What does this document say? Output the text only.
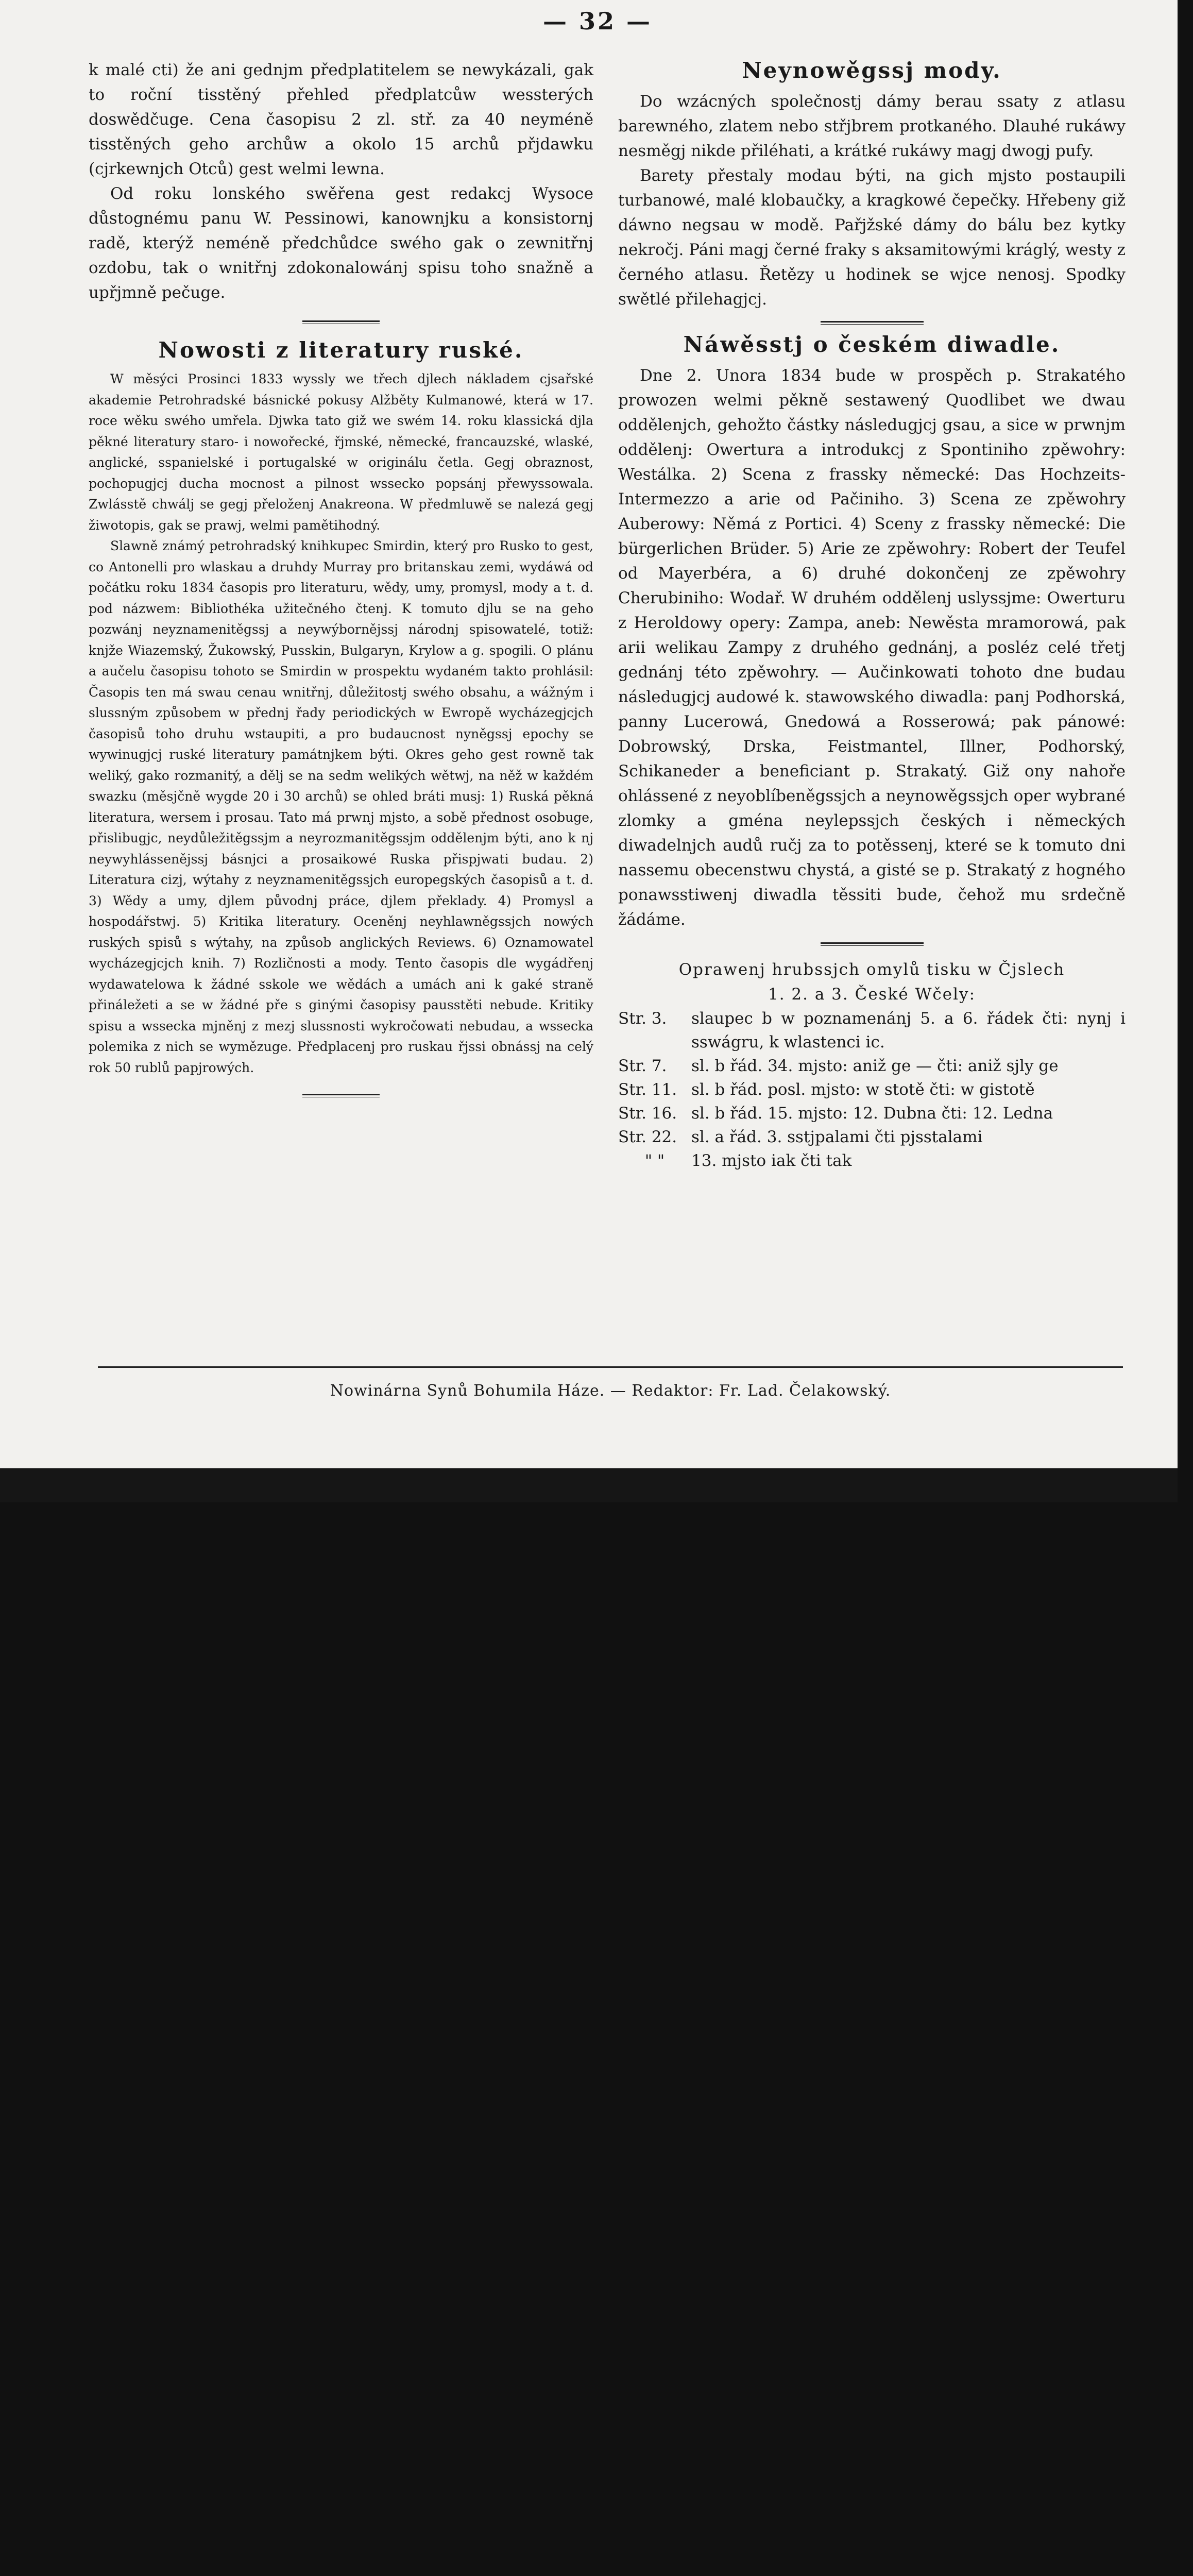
— 32 —

k malé cti) že ani gednjm předplatitelem se newykázali, gak to roční tisstěný přehled předplatcůw wessterých doswědčuge. Cena časopisu 2 zl. stř. za 40 neyméně tisstěných geho archůw a okolo 15 archů přjdawku (cjrkewnjch Otců) gest welmi lewna.

Od roku lonského swěřena gest redakcj Wysoce důstognému panu W. Pessinowi, kanownjku a konsistornj radě, kterýž neméně předchůdce swého gak o zewnitřnj ozdobu, tak o wnitřnj zdokonalowánj spisu toho snažně a upřjmně pečuge.

Nowosti z literatury ruské.

W měsýci Prosinci 1833 wyssly we třech djlech nákladem cjsařské akademie Petrohradské básnické pokusy Alžběty Kulmanowé, která w 17. roce wěku swého umřela. Djwka tato giž we swém 14. roku klassická djla pěkné literatury staro- i nowořecké, řjmské, německé, francauzské, wlaské, anglické, sspanielské i portugalské w originálu četla. Gegj obraznost, pochopugjcj ducha mocnost a pilnost wssecko popsánj přewyssowala. Zwlásstě chwálj se gegj přeloženj Anakreona. W předmluwě se nalezá gegj žiwotopis, gak se prawj, welmi pamětihodný.

Slawně známý petrohradský knihkupec Smirdin, který pro Rusko to gest, co Antonelli pro wlaskau a druhdy Murray pro britanskau zemi, wydáwá od počátku roku 1834 časopis pro literaturu, wědy, umy, promysl, mody a t. d. pod názwem: Bibliothéka užitečného čtenj. K tomuto djlu se na geho pozwánj neyznamenitěgssj a neywýbornějssj národnj spisowatelé, totiž: knjže Wiazemský, Žukowský, Pusskin, Bulgaryn, Krylow a g. spogili. O plánu a aučelu časopisu tohoto se Smirdin w prospektu wydaném takto prohlásil: Časopis ten má swau cenau wnitřnj, důležitostj swého obsahu, a wážným i slussným způsobem w přednj řady periodických w Ewropě wycházegjcjch časopisů toho druhu wstaupiti, a pro budaucnost nyněgssj epochy se wywinugjcj ruské literatury památnjkem býti. Okres geho gest rowně tak weliký, gako rozmanitý, a dělj se na sedm welikých wětwj, na něž w každém swazku (měsjčně wygde 20 i 30 archů) se ohled bráti musj: 1) Ruská pěkná literatura, wersem i prosau. Tato má prwnj mjsto, a sobě přednost osobuge, přislibugjc, neydůležitěgssjm a neyrozmanitěgssjm oddělenjm býti, ano k nj neywyhlássenějssj básnjci a prosaikowé Ruska přispjwati budau. 2) Literatura cizj, wýtahy z neyznamenitěgssjch europegských časopisů a t. d. 3) Wědy a umy, djlem původnj práce, djlem překlady. 4) Promysl a hospodářstwj. 5) Kritika literatury. Oceněnj neyhlawněgssjch nowých ruských spisů s wýtahy, na způsob anglických Reviews. 6) Oznamowatel wycházegjcjch knih. 7) Rozličnosti a mody. Tento časopis dle wygádřenj wydawatelowa k žádné sskole we wědách a umách ani k gaké straně přináležeti a se w žádné pře s ginými časopisy pausstěti nebude. Kritiky spisu a wssecka mjněnj z mezj slussnosti wykročowati nebudau, a wssecka polemika z nich se wymězuge. Předplacenj pro ruskau řjssi obnássj na celý rok 50 rublů papjrowých.

Neynowěgssj mody.

Do wzácných společnostj dámy berau ssaty z atlasu barewného, zlatem nebo střjbrem protkaného. Dlauhé rukáwy nesměgj nikde přiléhati, a krátké rukáwy magj dwogj pufy.

Barety přestaly modau býti, na gich mjsto postaupili turbanowé, malé klobaučky, a kragkowé čepečky. Hřebeny giž dáwno negsau w modě. Pařjžské dámy do bálu bez kytky nekročj. Páni magj černé fraky s aksamitowými kráglý, westy z černého atlasu. Řetězy u hodinek se wjce nenosj. Spodky swětlé přilehagjcj.

Náwěsstj o českém diwadle.

Dne 2. Unora 1834 bude w prospěch p. Strakatého prowozen welmi pěkně sestawený Quodlibet we dwau oddělenjch, gehožto částky následugjcj gsau, a sice w prwnjm oddělenj: Owertura a introdukcj z Spontiniho zpěwohry: Westálka. 2) Scena z frassky německé: Das Hochzeits-Intermezzo a arie od Pačiniho. 3) Scena ze zpěwohry Auberowy: Němá z Portici. 4) Sceny z frassky německé: Die bürgerlichen Brüder. 5) Arie ze zpěwohry: Robert der Teufel od Mayerbéra, a 6) druhé dokončenj ze zpěwohry Cherubiniho: Wodař. W druhém oddělenj uslyssjme: Owerturu z Heroldowy opery: Zampa, aneb: Newěsta mramorowá, pak arii welikau Zampy z druhého gednánj, a posléz celé třetj gednánj této zpěwohry. — Aučinkowati tohoto dne budau následugjcj audowé k. stawowského diwadla: panj Podhorská, panny Lucerowá, Gnedowá a Rosserowá; pak pánowé: Dobrowský, Drska, Feistmantel, Illner, Podhorský, Schikaneder a beneficiant p. Strakatý. Giž ony nahoře ohlássené z neyoblíbeněgssjch a neynowěgssjch oper wybrané zlomky a gména neylepssjch českých i německých diwadelnjch audů ručj za to potěssenj, které se k tomuto dni nassemu obecenstwu chystá, a gisté se p. Strakatý z hogného ponawsstiwenj diwadla těssiti bude, čehož mu srdečně žádáme.

Oprawenj hrubssjch omylů tisku w Čjslech
1. 2. a 3. České Wčely:
Str. 3.	slaupec b w poznamenánj 5. a 6. řádek čti: nynj i sswágru, k wlastenci ic.
Str. 7.	sl. b řád. 34. mjsto: aniž ge — čti: aniž sjly ge
Str. 11. sl. b řád. posl. mjsto: w stotě čti: w gistotě
Str. 16. sl. b řád. 15. mjsto: 12. Dubna čti: 12. Ledna
Str. 22. sl. a řád. 3. sstjpalami čti pjsstalami
" "	13. mjsto iak čti tak
Nowinárna Synů Bohumila Háze. — Redaktor: Fr. Lad. Čelakowský.
